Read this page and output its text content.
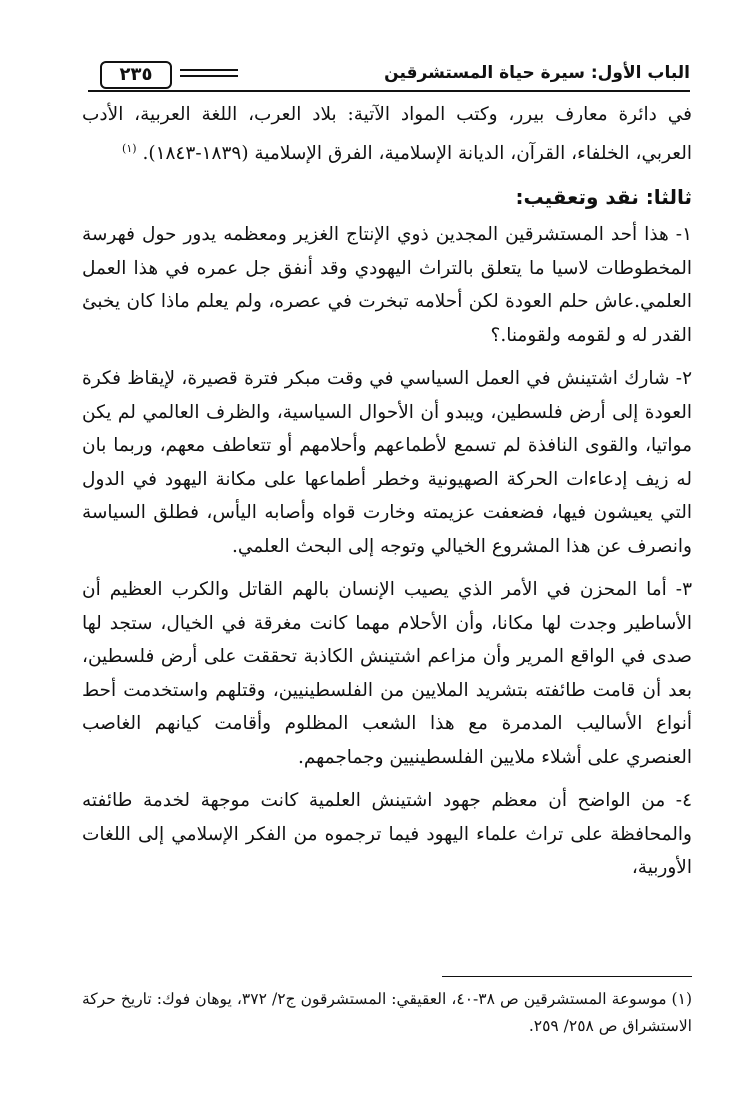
٢٣٥	الباب الأول: سيرة حياة المستشرقين

في دائرة معارف بيرر، وكتب المواد الآتية: بلاد العرب، اللغة العربية، الأدب العربي، الخلفاء، القرآن، الديانة الإسلامية، الفرق الإسلامية (١٨٣٩-١٨٤٣). $^{(١)}$

ثالثا: نقد وتعقيب:

١- هذا أحد المستشرقين المجدين ذوي الإنتاج الغزير ومعظمه يدور حول فهرسة المخطوطات لاسيا ما يتعلق بالتراث اليهودي وقد أنفق جل عمره في هذا العمل العلمي.عاش حلم العودة لكن أحلامه تبخرت في عصره، ولم يعلم ماذا كان يخبئ القدر له و لقومه ولقومنا.؟

٢- شارك اشتينش في العمل السياسي في وقت مبكر فترة قصيرة، لإيقاظ فكرة العودة إلى أرض فلسطين، ويبدو أن الأحوال السياسية، والظرف العالمي لم يكن مواتيا، والقوى النافذة لم تسمع لأطماعهم وأحلامهم أو تتعاطف معهم، وربما بان له زيف إدعاءات الحركة الصهيونية وخطر أطماعها على مكانة اليهود في الدول التي يعيشون فيها، فضعفت عزيمته وخارت قواه وأصابه اليأس، فطلق السياسة وانصرف عن هذا المشروع الخيالي وتوجه إلى البحث العلمي.

٣- أما المحزن في الأمر الذي يصيب الإنسان بالهم القاتل والكرب العظيم أن الأساطير وجدت لها مكانا، وأن الأحلام مهما كانت مغرقة في الخيال، ستجد لها صدى في الواقع المرير وأن مزاعم اشتينش الكاذبة تحققت على أرض فلسطين، بعد أن قامت طائفته بتشريد الملايين من الفلسطينيين، وقتلهم واستخدمت أحط أنواع الأساليب المدمرة مع هذا الشعب المظلوم وأقامت كيانهم الغاصب العنصري على أشلاء ملايين الفلسطينيين وجماجمهم.

٤- من الواضح أن معظم جهود اشتينش العلمية كانت موجهة لخدمة طائفته والمحافظة على تراث علماء اليهود فيما ترجموه من الفكر الإسلامي إلى اللغات الأوربية،

(١) موسوعة المستشرقين ص ٣٨-٤٠، العقيقي: المستشرقون ج٢/ ٣٧٢، يوهان فوك: تاريخ حركة الاستشراق ص ٢٥٨/ ٢٥٩.
